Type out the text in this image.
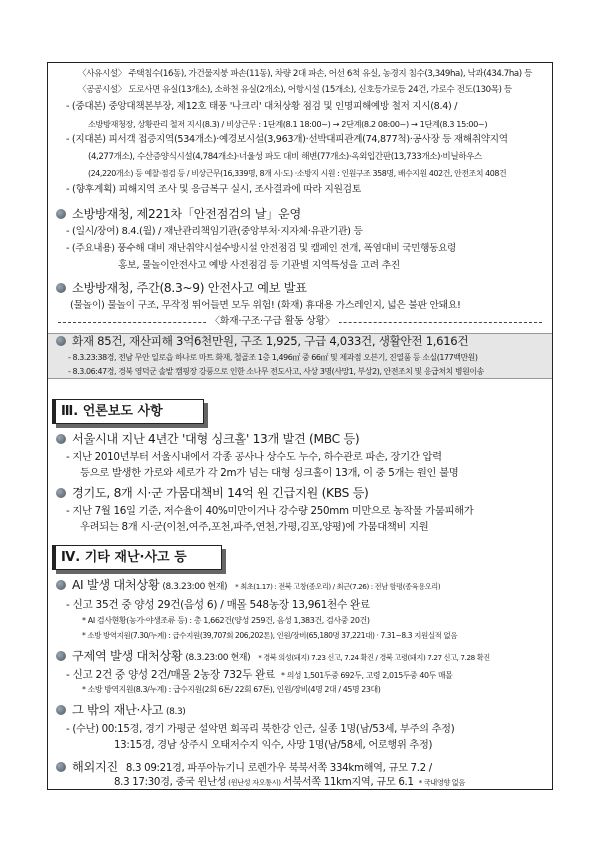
〈사유시설〉 주택침수(16동), 가건물지붕 파손(11동), 차량 2대 파손, 어선 6척 유실, 농경지 침수(3,349ha), 낙과(434.7ha) 등
〈공공시설〉 도로사면 유실(13개소), 소하천 유실(2개소), 어항시설 (15개소), 신호등가로등 24건, 가로수 전도(130목) 등
- (중대본) 중앙대책본부장, 제12호 태풍 '나크리' 대처상황 점검 및 인명피해예방 철저 지시(8.4) /
소방방재청장, 상황관리 철저 지시(8.3) / 비상근무 : 1단계(8.1 18:00~) → 2단계(8.2 08:00~) → 1단계(8.3 15:00~)
- (지대본) 피서객 접증지역(534개소)·예경보시설(3,963개)·선박대피관계(74,877척)·공사장 등 재해취약지역
(4,277개소), 수산증양식시설(4,784개소)·너울성 파도 대비 해변(77개소)·옥외입간판(13,733개소)·비닐하우스
(24,220개소) 등 예찰·점검 등 / 비상근무(16,339명, 8개 시·도) ·소방지 시원 : 인원구조 358명, 배수지원 402건, 안전조치 408건
- (향후계획) 피해지역 조사 및 응급복구 실시, 조사결과에 따라 지원검토
소방방재청, 제221차「안전점검의 날」운영
- (일시/장여) 8.4.(월) / 재난관리책임기관(중앙부처·지자체·유관기관) 등
- (주요내용) 풍수해 대비 재난취약시설수방시설 안전점검 및 캠페인 전개, 폭염대비 국민행동요령
홍보, 물놀이안전사고 예방 사전점검 등 기관별 지역특성을 고려 추진
소방방재청, 주간(8.3~9) 안전사고 예보 발표
(물놀이) 물놀이 구조, 무작정 뛰어들면 모두 위험! (화재) 휴대용 가스레인지, 넓은 불판 안돼요!
〈화재·구조·구급 활동 상황〉
화재 85건, 재산피해 3억6천만원, 구조 1,925, 구급 4,033건, 생활안전 1,616건
- 8.3.23:38경, 전남 무안 일로읍 하나로 마트 화재, 철골조 1층 1,496㎡ 중 66㎡ 및 제과점 오븐기, 진열품 등 소실(177백만원)
- 8.3.06:47경, 경북 영덕군 솔밭 캠핑장 강풍으로 인한 소나무 전도사고, 사상 3명(사망1, 부상2), 안전조치 및 응급처치 병원이송
Ⅲ. 언론보도 사항
서울시내 지난 4년간 '대형 싱크홀' 13개 발견 (MBC 등)
- 지난 2010년부터 서울시내에서 각종 공사나 상수도 누수, 하수관로 파손, 장기간 압력
등으로 발생한 가로와 세로가 각 2m가 넘는 대형 싱크홀이 13개, 이 중 5개는 원인 불명
경기도, 8개 시·군 가뭄대책비 14억 원 긴급지원 (KBS 등)
- 지난 7월 16일 기준, 저수율이 40%미만이거나 강수량 250mm 미만으로 농작물 가뭄피해가
우려되는 8개 시·군(이천,여주,포천,파주,연천,가평,김포,양평)에 가뭄대책비 지원
Ⅳ. 기타 재난·사고 등
AI 발생 대처상황 (8.3.23:00 현재) * 최초(1.17) : 전북 고창(종오리) / 최근(7.26) : 전남 함평(종육용오리)
- 신고 35건 중 양성 29건(음성 6) / 매몰 548농장 13,961천수 완료
* AI 검사현황(농가·야생조류 등) : 총 1,662건(양성 259건, 음성 1,383건, 검사중 20건)
* 소방 방역지원(7.30/누계) : 급수지원(39,707회 206,202톤), 인원/장비(65,180명 37,221대) · 7.31~8.3 지원실적 없음
구제역 발생 대처상황 (8.3.23:00 현재) * 경북 의성(돼지) 7.23 신고, 7.24 확진 / 경북 고령(돼지) 7.27 신고, 7.28 확진
- 신고 2건 중 양성 2건/매몰 2농장 732두 완료 * 의성 1,501두중 692두, 고령 2,015두중 40두 매몰
* 소방 방역지원(8.3/누계) : 급수지원(2회 6톤/ 22회 67톤), 인원/장비(4명 2대 / 45명 23대)
그 밖의 재난·사고 (8.3)
- (수난) 00:15경, 경기 가평군 설악면 회곡리 북한강 인근, 실종 1명(남/53세, 부주의 추정)
13:15경, 경남 상주시 오태저수지 익수, 사망 1명(남/58세, 어로행위 추정)
해외지진 8.3 09:21경, 파푸아뉴기니 로렌가우 북북서쪽 334km해역, 규모 7.2 /
8.3 17:30경, 중국 윈난성 (윈난성 자오통시) 서북서쪽 11km지역, 규모 6.1 * 국내영향 없음
